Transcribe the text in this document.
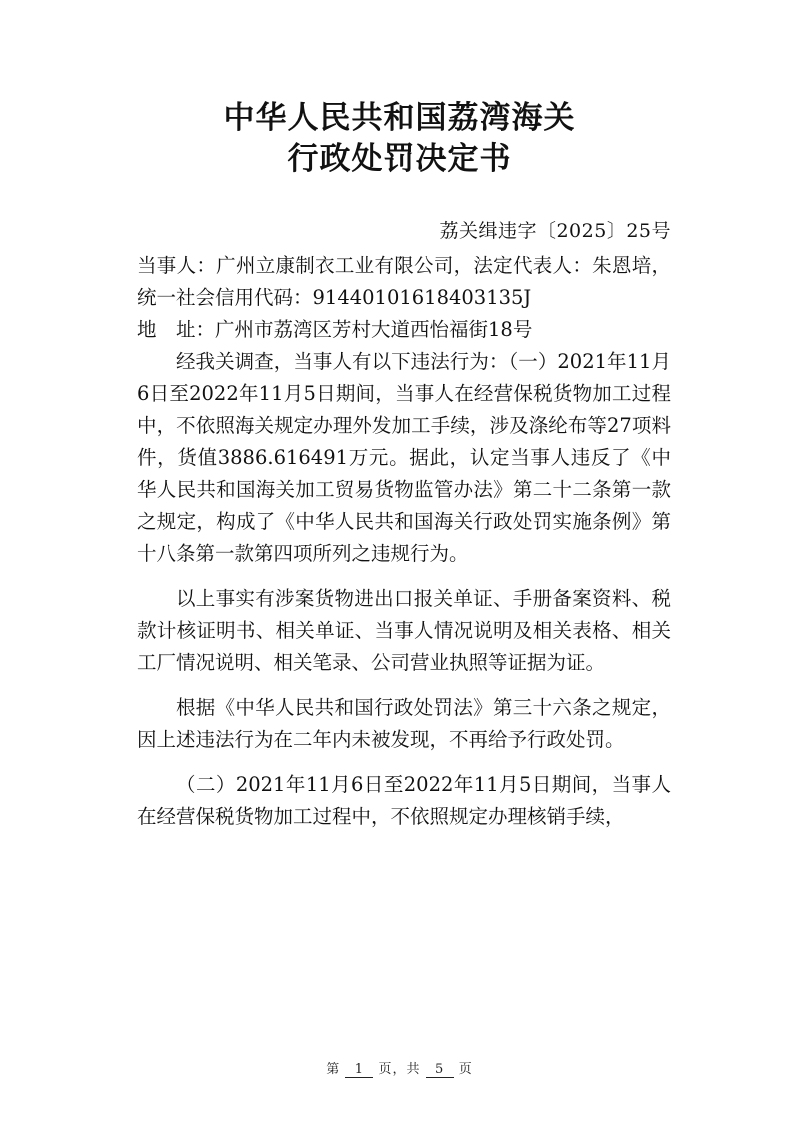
中华人民共和国荔湾海关
行政处罚决定书
荔关缉违字〔2025〕25号

当事人：广州立康制衣工业有限公司，法定代表人：朱恩培，统一社会信用代码：91440101618403135J

地　址：广州市荔湾区芳村大道西怡福街18号

经我关调查，当事人有以下违法行为：（一）2021年11月6日至2022年11月5日期间，当事人在经营保税货物加工过程中，不依照海关规定办理外发加工手续，涉及涤纶布等27项料件，货值3886.616491万元。据此，认定当事人违反了《中华人民共和国海关加工贸易货物监管办法》第二十二条第一款之规定，构成了《中华人民共和国海关行政处罚实施条例》第十八条第一款第四项所列之违规行为。

以上事实有涉案货物进出口报关单证、手册备案资料、税款计核证明书、相关单证、当事人情况说明及相关表格、相关工厂情况说明、相关笔录、公司营业执照等证据为证。

根据《中华人民共和国行政处罚法》第三十六条之规定，因上述违法行为在二年内未被发现，不再给予行政处罚。

（二）2021年11月6日至2022年11月5日期间，当事人在经营保税货物加工过程中，不依照规定办理核销手续，

第 1 页，共 5 页
